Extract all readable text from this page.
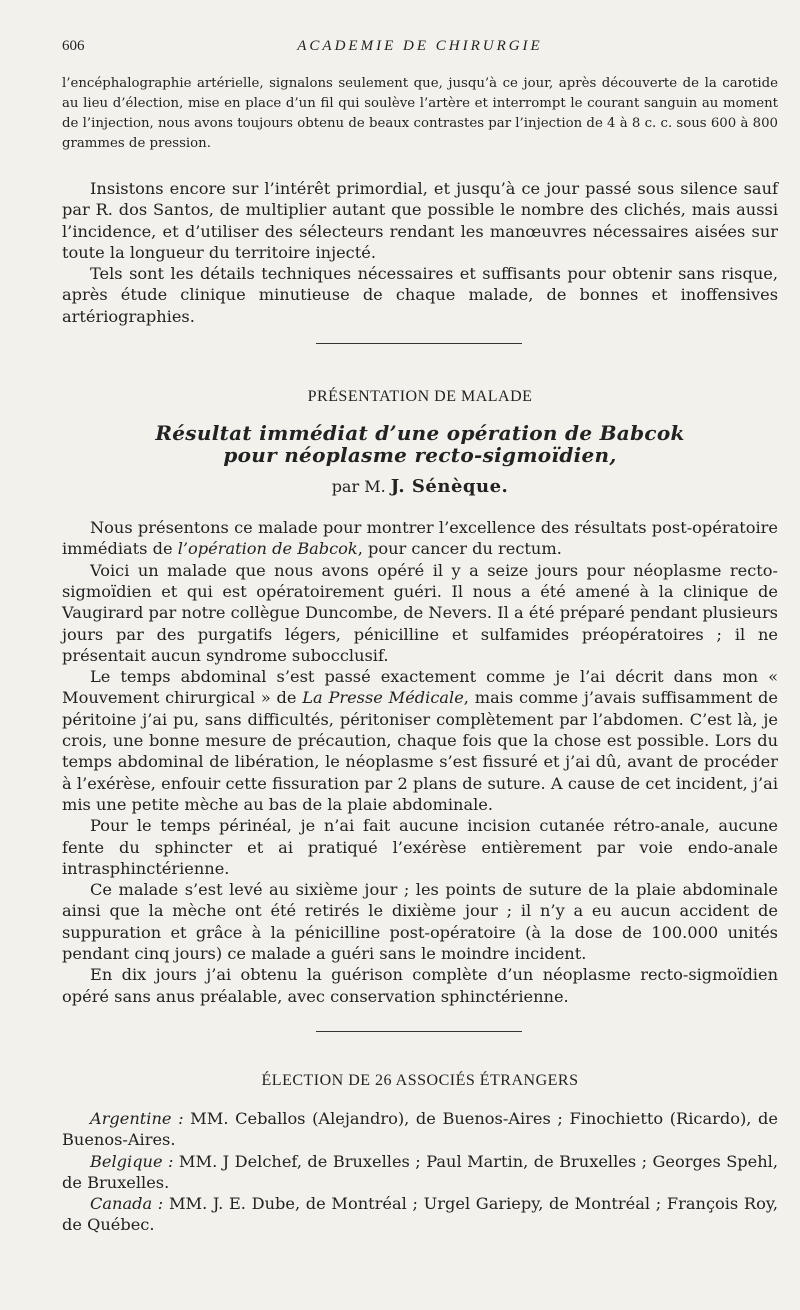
606	ACADEMIE DE CHIRURGIE

l’encéphalographie artérielle, signalons seulement que, jusqu’à ce jour, après découverte de la carotide au lieu d’élection, mise en place d’un fil qui soulève l’artère et interrompt le courant sanguin au moment de l’injection, nous avons toujours obtenu de beaux contrastes par l’injection de 4 à 8 c. c. sous 600 à 800 grammes de pression.

Insistons encore sur l’intérêt primordial, et jusqu’à ce jour passé sous silence sauf par R. dos Santos, de multiplier autant que possible le nombre des clichés, mais aussi l’incidence, et d’utiliser des sélecteurs rendant les manœuvres nécessaires aisées sur toute la longueur du territoire injecté.

Tels sont les détails techniques nécessaires et suffisants pour obtenir sans risque, après étude clinique minutieuse de chaque malade, de bonnes et inoffensives artériographies.

PRÉSENTATION DE MALADE
Résultat immédiat d’une opération de Babcok
pour néoplasme recto-sigmoïdien,
par M. J. Sénèque.

Nous présentons ce malade pour montrer l’excellence des résultats post-opératoire immédiats de l’opération de Babcok, pour cancer du rectum.

Voici un malade que nous avons opéré il y a seize jours pour néoplasme recto-sigmoïdien et qui est opératoirement guéri. Il nous a été amené à la clinique de Vaugirard par notre collègue Duncombe, de Nevers. Il a été préparé pendant plusieurs jours par des purgatifs légers, pénicilline et sulfamides préopératoires ; il ne présentait aucun syndrome subocclusif.

Le temps abdominal s’est passé exactement comme je l’ai décrit dans mon « Mouvement chirurgical » de La Presse Médicale, mais comme j’avais suffisamment de péritoine j’ai pu, sans difficultés, péritoniser complètement par l’abdomen. C’est là, je crois, une bonne mesure de précaution, chaque fois que la chose est possible. Lors du temps abdominal de libération, le néoplasme s’est fissuré et j’ai dû, avant de procéder à l’exérèse, enfouir cette fissuration par 2 plans de suture. A cause de cet incident, j’ai mis une petite mèche au bas de la plaie abdominale.

Pour le temps périnéal, je n’ai fait aucune incision cutanée rétro-anale, aucune fente du sphincter et ai pratiqué l’exérèse entièrement par voie endo-anale intrasphinctérienne.

Ce malade s’est levé au sixième jour ; les points de suture de la plaie abdominale ainsi que la mèche ont été retirés le dixième jour ; il n’y a eu aucun accident de suppuration et grâce à la pénicilline post-opératoire (à la dose de 100.000 unités pendant cinq jours) ce malade a guéri sans le moindre incident.

En dix jours j’ai obtenu la guérison complète d’un néoplasme recto-sigmoïdien opéré sans anus préalable, avec conservation sphinctérienne.

ÉLECTION DE 26 ASSOCIÉS ÉTRANGERS

Argentine : MM. Ceballos (Alejandro), de Buenos-Aires ; Finochietto (Ricardo), de Buenos-Aires.

Belgique : MM. J Delchef, de Bruxelles ; Paul Martin, de Bruxelles ; Georges Spehl, de Bruxelles.

Canada : MM. J. E. Dube, de Montréal ; Urgel Gariepy, de Montréal ; François Roy, de Québec.
